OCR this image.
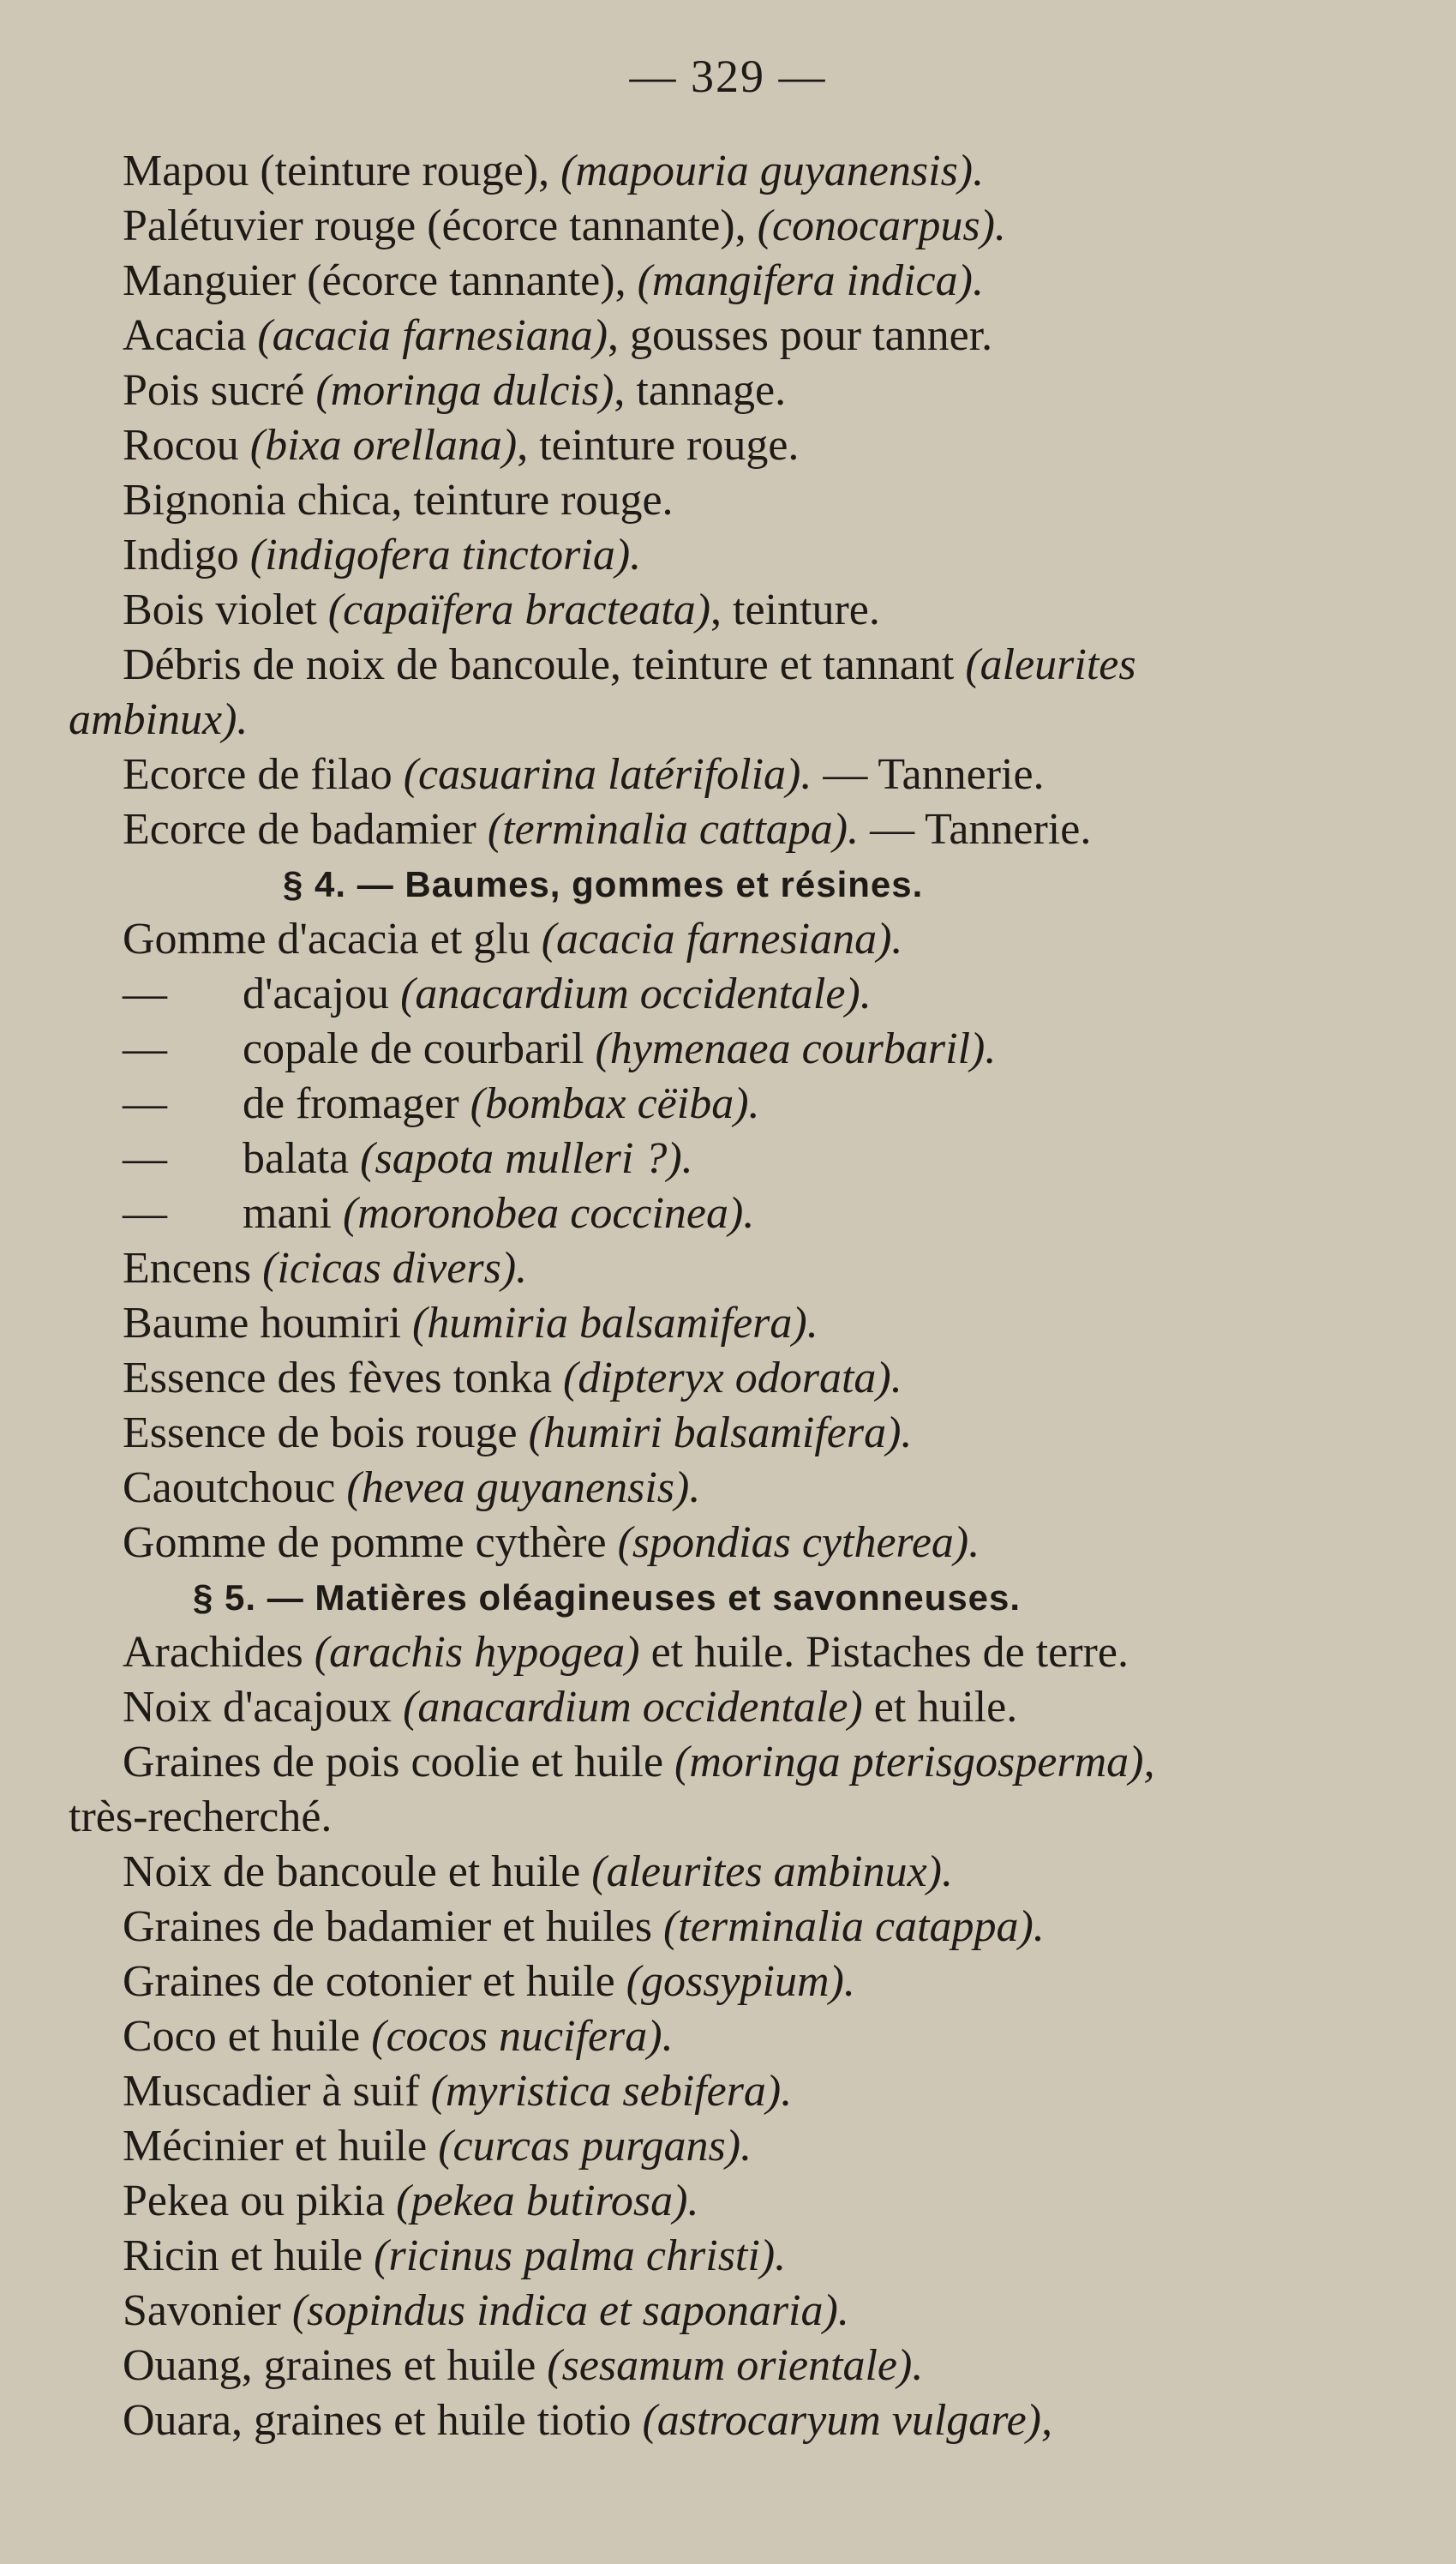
— 329 —
Mapou (teinture rouge), (mapouria guyanensis).
Palétuvier rouge (écorce tannante), (conocarpus).
Manguier (écorce tannante), (mangifera indica).
Acacia (acacia farnesiana), gousses pour tanner.
Pois sucré (moringa dulcis), tannage.
Rocou (bixa orellana), teinture rouge.
Bignonia chica, teinture rouge.
Indigo (indigofera tinctoria).
Bois violet (capaïfera bracteata), teinture.
Débris de noix de bancoule, teinture et tannant (aleurites
ambinux).
Ecorce de filao (casuarina latérifolia). — Tannerie.
Ecorce de badamier (terminalia cattapa). — Tannerie.
§ 4. — Baumes, gommes et résines.
Gomme d'acacia et glu (acacia farnesiana).
— d'acajou (anacardium occidentale).
— copale de courbaril (hymenaea courbaril).
— de fromager (bombax cëiba).
— balata (sapota mulleri ?).
— mani (moronobea coccinea).
Encens (icicas divers).
Baume houmiri (humiria balsamifera).
Essence des fèves tonka (dipteryx odorata).
Essence de bois rouge (humiri balsamifera).
Caoutchouc (hevea guyanensis).
Gomme de pomme cythère (spondias cytherea).
§ 5. — Matières oléagineuses et savonneuses.
Arachides (arachis hypogea) et huile. Pistaches de terre.
Noix d'acajoux (anacardium occidentale) et huile.
Graines de pois coolie et huile (moringa pterisgosperma),
très-recherché.
Noix de bancoule et huile (aleurites ambinux).
Graines de badamier et huiles (terminalia catappa).
Graines de cotonier et huile (gossypium).
Coco et huile (cocos nucifera).
Muscadier à suif (myristica sebifera).
Mécinier et huile (curcas purgans).
Pekea ou pikia (pekea butirosa).
Ricin et huile (ricinus palma christi).
Savonier (sopindus indica et saponaria).
Ouang, graines et huile (sesamum orientale).
Ouara, graines et huile tiotio (astrocaryum vulgare),
